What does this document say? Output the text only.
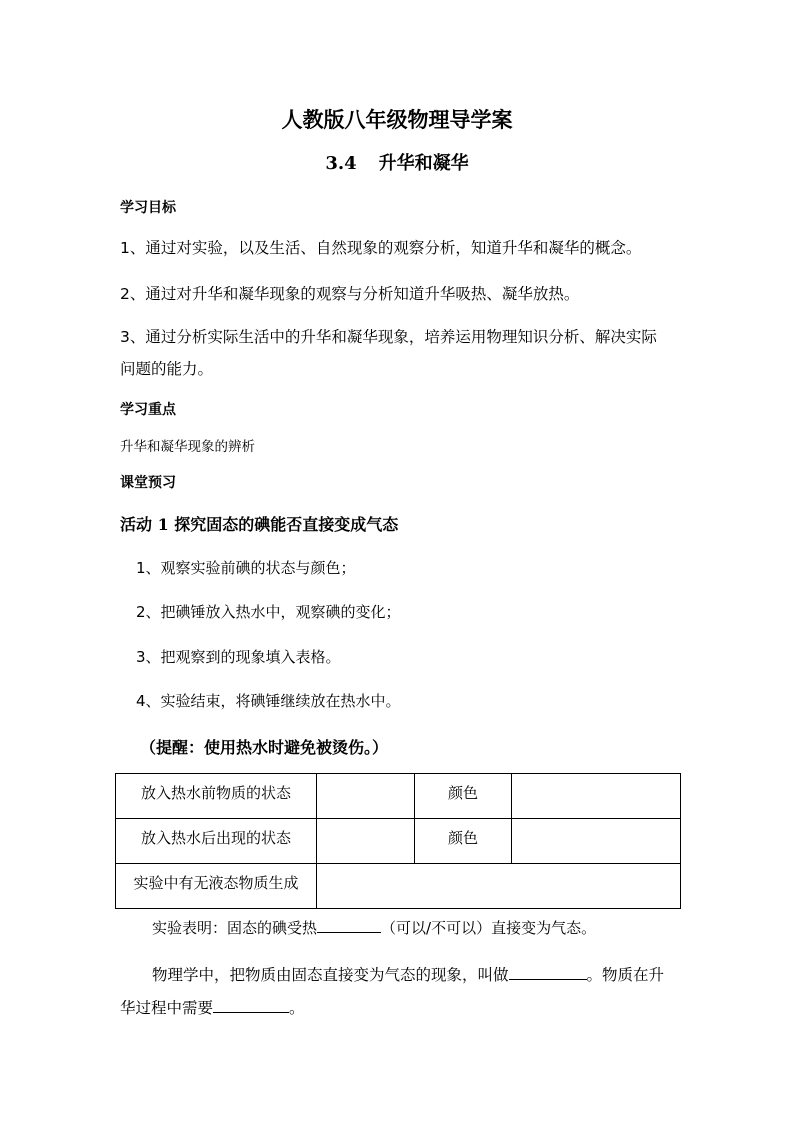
人教版八年级物理导学案
3.4 升华和凝华
学习目标
1、通过对实验，以及生活、自然现象的观察分析，知道升华和凝华的概念。
2、通过对升华和凝华现象的观察与分析知道升华吸热、凝华放热。
3、通过分析实际生活中的升华和凝华现象，培养运用物理知识分析、解决实际
问题的能力。
学习重点
升华和凝华现象的辨析
课堂预习
活动 1 探究固态的碘能否直接变成气态
1、观察实验前碘的状态与颜色；
2、把碘锤放入热水中，观察碘的变化；
3、把观察到的现象填入表格。
4、实验结束，将碘锤继续放在热水中。
（提醒：使用热水时避免被烫伤。）
放入热水前物质的状态		颜色	

放入热水后出现的状态		颜色	

实验中有无液态物质生成			

实验表明：固态的碘受热	（可以/不可以）直接变为气态。
物理学中，把物质由固态直接变为气态的现象，叫做	。物质在升
华过程中需要	。
